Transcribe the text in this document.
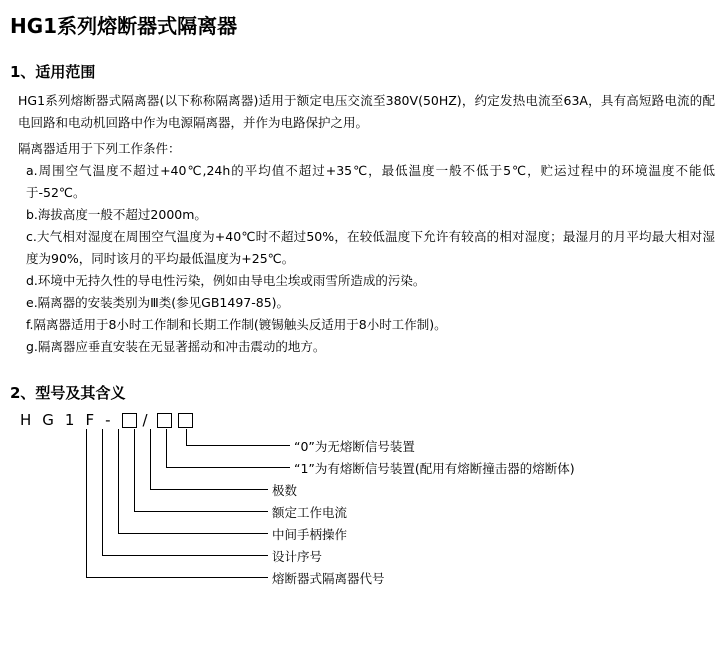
HG1系列熔断器式隔离器
1、适用范围
HG1系列熔断器式隔离器(以下称称隔离器)适用于额定电压交流至380V(50HZ)，约定发热电流至63A，具有高短路电流的配电回路和电动机回路中作为电源隔离器，并作为电路保护之用。
隔离器适用于下列工作条件：
a.周围空气温度不超过+40℃,24h的平均值不超过+35℃，最低温度一般不低于5℃，贮运过程中的环境温度不能低于-52℃。
b.海拔高度一般不超过2000m。
c.大气相对湿度在周围空气温度为+40℃时不超过50%，在较低温度下允许有较高的相对湿度；最湿月的月平均最大相对湿度为90%，同时该月的平均最低温度为+25℃。
d.环境中无持久性的导电性污染，例如由导电尘埃或雨雪所造成的污染。
e.隔离器的安装类别为Ⅲ类(参见GB1497-85)。
f.隔离器适用于8小时工作制和长期工作制(镀锡触头反适用于8小时工作制)。
g.隔离器应垂直安装在无显著摇动和冲击震动的地方。
2、型号及其含义
H G 1 F - /
“0”为无熔断信号装置
“1”为有熔断信号装置(配用有熔断撞击器的熔断体)
极数
额定工作电流
中间手柄操作
设计序号
熔断器式隔离器代号
